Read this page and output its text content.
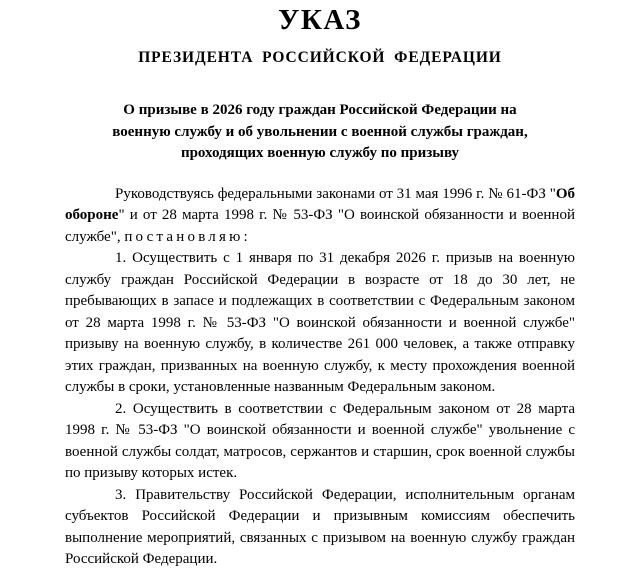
УКАЗ
ПРЕЗИДЕНТА РОССИЙСКОЙ ФЕДЕРАЦИИ
О призыве в 2026 году граждан Российской Федерации на
военную службу и об увольнении с военной службы граждан,
проходящих военную службу по призыву

Руководствуясь федеральными законами от 31 мая 1996 г. № 61-ФЗ "Об обороне" и от 28 марта 1998 г. № 53-ФЗ "О воинской обязанности и военной службе", постановляю:

1. Осуществить с 1 января по 31 декабря 2026 г. призыв на военную службу граждан Российской Федерации в возрасте от 18 до 30 лет, не пребывающих в запасе и подлежащих в соответствии с Федеральным законом от 28 марта 1998 г. № 53-ФЗ "О воинской обязанности и военной службе" призыву на военную службу, в количестве 261 000 человек, а также отправку этих граждан, призванных на военную службу, к месту прохождения военной службы в сроки, установленные названным Федеральным законом.

2. Осуществить в соответствии с Федеральным законом от 28 марта 1998 г. № 53-ФЗ "О воинской обязанности и военной службе" увольнение с военной службы солдат, матросов, сержантов и старшин, срок военной службы по призыву которых истек.

3. Правительству Российской Федерации, исполнительным органам субъектов Российской Федерации и призывным комиссиям обеспечить выполнение мероприятий, связанных с призывом на военную службу граждан Российской Федерации.
